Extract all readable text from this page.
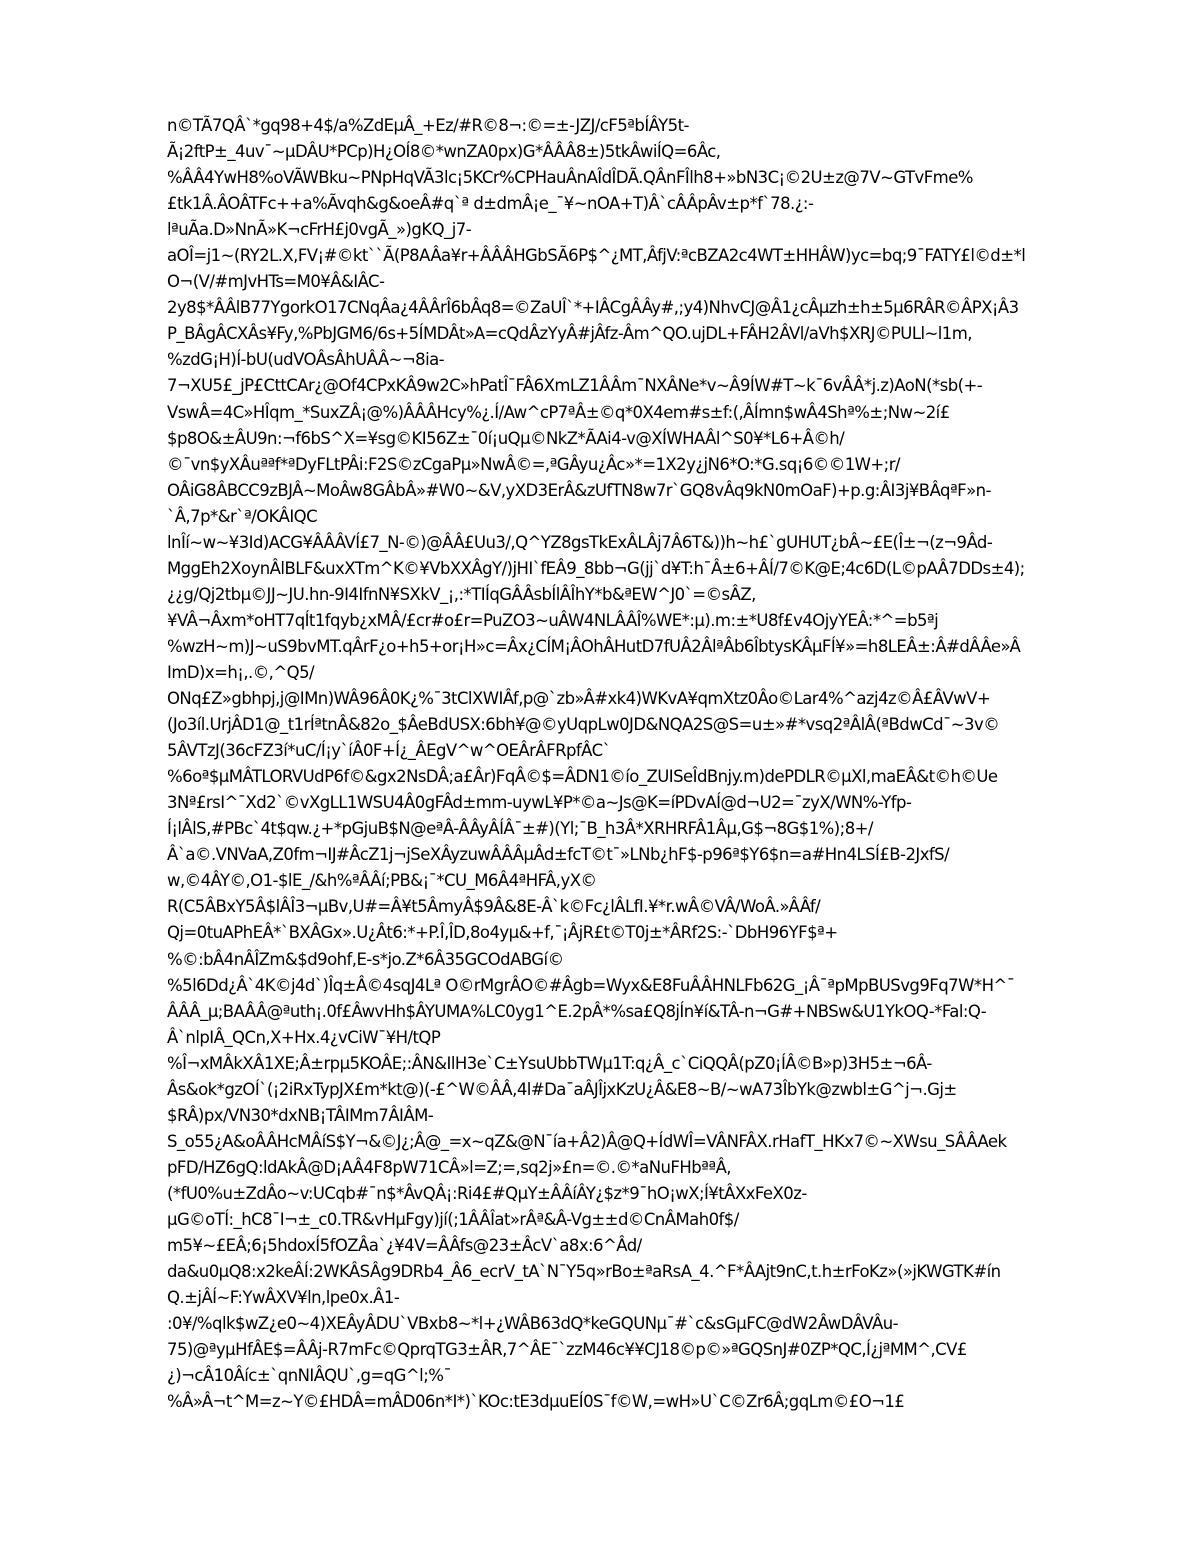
n©TÃ7QÂ`*gq98+4$/a%ZdEµÂ_+Ez/#R©8¬:©=±-JZJ/cF5ªbÍÂY5t-
Ã¡2ftP±_4uv¯~µDÂU*PCp)H¿OÍ8©*wnZA0px)G*ÂÂÂ8±)5tkÂwiÍQ=6Âc,
%ÂÂ4YwH8%oVÃWBku~PNpHqVÃ3lc¡5KCr%CPHauÂnAÎdÎDÃ.QÂnFÎlh8+»bN3C¡©2U±z@7V~GTvFme%
£tk1Â.ÂOÂTFc++a%Ãvqh&g&oeÂ#q`ª d±dmÂ¡e_¯¥~nOA+T)Â`cÂÂpÂv±p*f`78.¿:-
lªuÃa.D»NnÃ»K¬cFrH£j0vgÃ_»)gKQ_j7-
aOÎ=j1~(RY2L.X,FV¡#©kt``Ã(P8AÂa¥r+ÂÂÂHGbSÃ6P$^¿MT,ÂfjV:ªcBZA2c4WT±HHÂW)yc=bq;9¯FATY£l©d±*l
O¬(V/#mJvHTs=M0¥Â&IÂC-
2y8$*ÂÂlB77YgorkO17CNqÂa¿4ÂÂrÎ6bÂq8=©ZaUÎ`*+IÂCgÂÂy#,;y4)NhvCJ@Â1¿cÂµzh±h±5µ6RÂR©ÂPX¡Â3
P_BÂgÂCXÂs¥Fy,%PbJGM6/6s+5ÍMDÂt»A=cQdÂzYyÂ#jÂfz-Âm^QO.ujDL+FÂH2ÂVl/aVh$XRJ©PULl~l1m,
%zdG¡H)Í-bU(udVOÂsÂhUÂÂ~¬8ia-
7¬XU5£_jP£CttCAr¿@Of4CPxKÂ9w2C»hPatÎ¯FÂ6XmLZ1ÂÂm¯NXÂNe*v~Â9ÍW#T~k¯6vÂÂ*j.z)AoN(*sb(+-
VswÂ=4C»HÎqm_*SuxZÂ¡@%)ÂÂÂHcy%¿.Í/Aw^cP7ªÂ±©q*0X4em#s±f:(,ÂÍmn$wÂ4Shª%±;Nw~2í£
$p8O&±ÂU9n:¬f6bS^X=¥sg©KI56Z±¯0í¡uQµ©NkZ*ÃAi4-v@XÍWHAÂl^S0¥*L6+Â©h/
©¯vn$yXÂuªªf*ªDyFLtPÂi:F2S©zCgaPµ»NwÂ©=,ªGÂyu¿Âc»*=1X2y¿jN6*O:*G.sq¡6©©1W+;r/
OÂiG8ÂBCC9zBJÂ~MoÂw8GÂbÂ»#W0~&V,yXD3ErÂ&zUfTN8w7r`GQ8vÂq9kN0mOaF)+p.g:ÂI3j¥BÂqªF»n-
`Â,7p*&r`ª/OKÂIQC
lnÎí~w~¥3Id)ACG¥ÂÂÂVÍ£7_N-©)@ÂÂ£Uu3/,Q^YZ8gsTkExÂLÂj7Â6T&))h~h£`gUHUT¿bÂ~£E(Î±¬(z¬9Âd-
MggEh2XoynÂlBLF&uxXTm^K©¥VbXXÂgY/)jHI`fEÂ9_8bb¬G(jj`d¥T:h¯Â±6+ÂÍ/7©K@E;4c6D(L©pAÂ7DDs±4);
¿¿g/Qj2tbµ©JJ~JU.hn-9I4IfnN¥SXkV_¡,:*TIÍqGÂÂsbÍlÂÎhY*b&ªEW^J0`=©sÂZ,
¥VÂ¬Âxm*oHT7qÍt1fqyb¿xMÂ/£cr#o£r=PuZO3~uÂW4NLÂÂÎ%WE*:µ).m:±*U8f£v4OjyYEÂ:*^=b5ªj
%wzH~m)J~uS9bvMT.qÂrF¿o+h5+or¡H»c=Âx¿CÍM¡ÂOhÂHutD7fUÂ2ÂlªÂb6ÎbtysKÂµFÍ¥»=h8LEÂ±:Â#dÂÂe»Â
ImD)x=h¡,.©,^Q5/
ONq£Z»gbhpj,j@IMn)WÂ96Â0K¿%¯3tClXWIÂf,p@`zb»Â#xk4)WKvA¥qmXtz0Âo©Lar4%^azj4z©Â£ÂVwV+
(Jo3íl.UrjÂD1@_t1rÍªtnÂ&82o_$ÂeBdUSX:6bh¥@©yUqpLw0JD&NQA2S@S=u±»#*vsq2ªÂlÂ(ªBdwCd¯~3v©
5ÂVTzJ(36cFZ3í*uC/Í¡y`íÂ0F+Í¿_ÂEgV^w^OEÂrÂFRpfÂC`
%6oª$µMÂTLORVUdP6f©&gx2NsDÂ;a£Âr)FqÂ©$=ÂDN1©ío_ZUISeÎdBnjy.m)dePDLR©µXl,maEÂ&t©h©Ue
3Nª£rsI^¯Xd2`©vXgLL1WSU4Â0gFÂd±mm-uywL¥P*©a~Js@K=íPDvAÍ@d¬U2=¯zyX/WN%-Yfp-
Í¡lÂlS,#PBc`4t$qw.¿+*pGjuB$N@eªÂ-ÂÂyÂÍÂ¯±#)(Yl;¯B_h3Â*XRHRFÂ1Âµ,G$¬8G$1%);8+/
Â`a©.VNVaA,Z0fm¬IJ#ÂcZ1j¬jSeXÂyzuwÂÂÂµÂd±fcT©t¯»LNb¿hF$-p96ª$Y6$n=a#Hn4LSÍ£B-2JxfS/
w,©4ÂY©,O1-$lE_/&h%ªÂÂí;PB&¡¯*CU_M6Â4ªHFÂ,yX©
R(C5ÂBxY5Â$lÂÎ3¬µBv,U#=Â¥t5ÂmyÂ$9Â&8E-Â`k©Fc¿lÂLfI.¥*r.wÂ©VÂ/WoÂ.»ÂÂf/
Qj=0tuAPhEÂ*`BXÂGx».U¿Ât6:*+P.Î,ÎD,8o4yµ&+f,¯¡ÂjR£t©T0j±*ÂRf2S:-`DbH96YF$ª+
%©:bÂ4nÂÎZm&$d9ohf,E-s*jo.Z*6Â35GCOdABGí©
%5l6Dd¿Â`4K©j4d`)Îq±Â©4sqJ4Lª O©rMgrÂO©#Âgb=Wyx&E8FuÂÂHNLFb62G_¡Â¯ªpMpBUSvg9Fq7W*H^¯
ÂÂÂ_µ;BAÂÂ@ªuth¡.0f£ÂwvHh$ÂYUMA%LC0yg1^E.2pÂ*%sa£Q8jÍn¥í&TÂ-n¬G#+NBSw&U1YkOQ-*Fal:Q-
Â`nlpIÂ_QCn,X+Hx.4¿vCiW¯¥H/tQP
%Î¬xMÂkXÂ1XE;Â±rpµ5KOÂE;:ÂN&IlH3e`C±YsuUbbTWµ1T:q¿Â_c`CiQQÂ(pZ0¡ÍÂ©B»p)3H5±¬6Â-
Âs&ok*gzOÍ`(¡2iRxTypJX£m*kt@)(-£^W©ÂÂ,4l#Da¯aÂJÎjxKzU¿Â&E8~B/~wA73ÎbYk@zwbl±G^j¬.Gj±
$RÂ)px/VN30*dxNB¡TÂIMm7ÂIÂM-
S_o55¿A&oÂÂHcMÂíS$Y¬&©J¿;Â@_=x~qZ&@N¯ía+Â2)Â@Q+ÍdWÎ=VÂNFÂX.rHafT_HKx7©~XWsu_SÂÂAek
pFD/HZ6gQ:ldAkÂ@D¡AÂ4F8pW71CÂ»l=Z;=,sq2j»£n=©.©*aNuFHbªªÂ,
(*fU0%u±ZdÂo~v:UCqb#¯n$*ÂvQÂ¡:Ri4£#QµY±ÂÂíÂY¿$z*9¯hO¡wX;Í¥tÂXxFeX0z-
µG©oTÍ:_hC8¯I¬±_c0.TR&vHµFgy)jí(;1ÂÂÎat»rÂª&Â-Vg±±d©CnÂMah0f$/
m5¥~£EÂ;6¡5hdoxÍ5fOZÂa`¿¥4V=ÂÂfs@23±ÂcV`a8x:6^Âd/
da&u0µQ8:x2keÂÍ:2WKÂSÂg9DRb4_Â6_ecrV_tA`N¯Y5q»rBo±ªaRsA_4.^F*ÂAjt9nC,t.h±rFoKz»(»jKWGTK#ín
Q.±jÂÍ~F:YwÂXV¥ln,lpe0x.Â1-
:0¥/%qlk$wZ¿e0~4)XEÂyÂDU`VBxb8~*l+¿WÂB63dQ*keGQUNµ¯#`c&sGµFC@dW2ÂwDÂVÂu-
75)@ªyµHfÂE$=ÂÂj-R7mFc©QprqTG3±ÂR,7^ÂE¯`zzM46c¥¥CJ18©p©»ªGQSnJ#0ZP*QC,Í¿jªMM^,CV£
¿)¬cÂ10Âíc±`qnNIÂQU`,g=qG^l;%¯
%Â»Â¬t^M=z~Y©£HDÂ=mÂD06n*I*)`KOc:tE3dµuEÍ0S¯f©W,=wH»U`C©Zr6Â;gqLm©£O¬1£
